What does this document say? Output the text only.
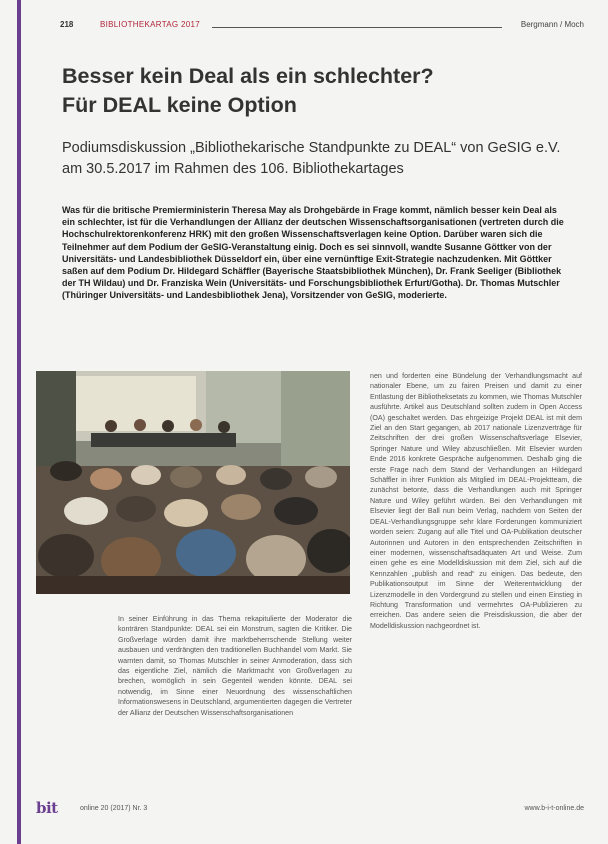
218	BIBLIOTHEKARTAG 2017	Bergmann / Moch
Besser kein Deal als ein schlechter?
Für DEAL keine Option

Podiumsdiskussion „Bibliothekarische Standpunkte zu DEAL“ von GeSIG e.V. am 30.5.2017 im Rahmen des 106. Bibliothekartages

Was für die britische Premierministerin Theresa May als Drohgebärde in Frage kommt, nämlich besser kein Deal als ein schlechter, ist für die Verhandlungen der Allianz der deutschen Wissenschaftsorganisationen (vertreten durch die Hochschulrektorenkonferenz HRK) mit den großen Wissenschaftsverlagen keine Option. Darüber waren sich die Teilnehmer auf dem Podium der GeSIG-Veranstaltung einig. Doch es sei sinnvoll, wandte Susanne Göttker von der Universitäts- und Landesbibliothek Düsseldorf ein, über eine vernünftige Exit-Strategie nachzudenken. Mit Göttker saßen auf dem Podium Dr. Hildegard Schäffler (Bayerische Staatsbibliothek München), Dr. Frank Seeliger (Bibliothek der TH Wildau) und Dr. Franziska Wein (Universitäts- und Forschungsbibliothek Erfurt/Gotha). Dr. Thomas Mutschler (Thüringer Universitäts- und Landesbibliothek Jena), Vorsitzender von GeSIG, moderierte.

nen und forderten eine Bündelung der Verhandlungsmacht auf nationaler Ebene, um zu fairen Preisen und damit zu einer Entlastung der Bibliotheksetats zu kommen, wie Thomas Mutschler ausführte. Artikel aus Deutschland sollten zudem in Open Access (OA) geschaltet werden. Das ehrgeizige Projekt DEAL ist mit dem Ziel an den Start gegangen, ab 2017 nationale Lizenzverträge für Zeitschriften der drei großen Wissenschaftsverlage Elsevier, Springer Nature und Wiley abzuschließen. Mit Elsevier wurden Ende 2016 konkrete Gespräche aufgenommen. Deshalb ging die erste Frage nach dem Stand der Verhandlungen an Hildegard Schäffler in ihrer Funktion als Mitglied im DEAL-Projektteam, die zunächst betonte, dass die Verhandlungen auch mit Springer Nature und Wiley geführt würden. Bei den Verhandlungen mit Elsevier liegt der Ball nun beim Verlag, nachdem von Seiten der DEAL-Verhandlungsgruppe sehr klare Forderungen kommuniziert worden seien: Zugang auf alle Titel und OA-Publikation deutscher Autorinnen und Autoren in den entsprechenden Zeitschriften in einer modernen, wissenschaftsadäquaten Art und Weise. Zum einen gehe es eine Modelldiskussion mit dem Ziel, sich auf die Kennzahlen „publish and read“ zu einigen. Das bedeute, den Publikationsoutput im Sinne der Weiterentwicklung der Lizenzmodelle in den Vordergrund zu stellen und einen Einstieg in Richtung Transformation und vermehrtes OA-Publizieren zu erreichen. Das andere seien die Preisdiskussion, die aber der Modelldiskussion nachgeordnet ist.

In seiner Einführung in das Thema rekapitulierte der Moderator die konträren Standpunkte: DEAL sei ein Monstrum, sagten die Kritiker. Die Großverlage würden damit ihre marktbeherrschende Stellung weiter ausbauen und verdrängten den traditionellen Buchhandel vom Markt. Sie warnten damit, so Thomas Mutschler in seiner Anmoderation, dass sich das eigentliche Ziel, nämlich die Marktmacht von Großverlagen zu brechen, womöglich in sein Gegenteil wenden könnte. DEAL sei notwendig, im Sinne einer Neuordnung des wissenschaftlichen Informationswesens in Deutschland, argumentierten dagegen die Vertreter der Allianz der Deutschen Wissenschaftsorganisationen

bit	online 20 (2017) Nr. 3	www.b-i-t-online.de
